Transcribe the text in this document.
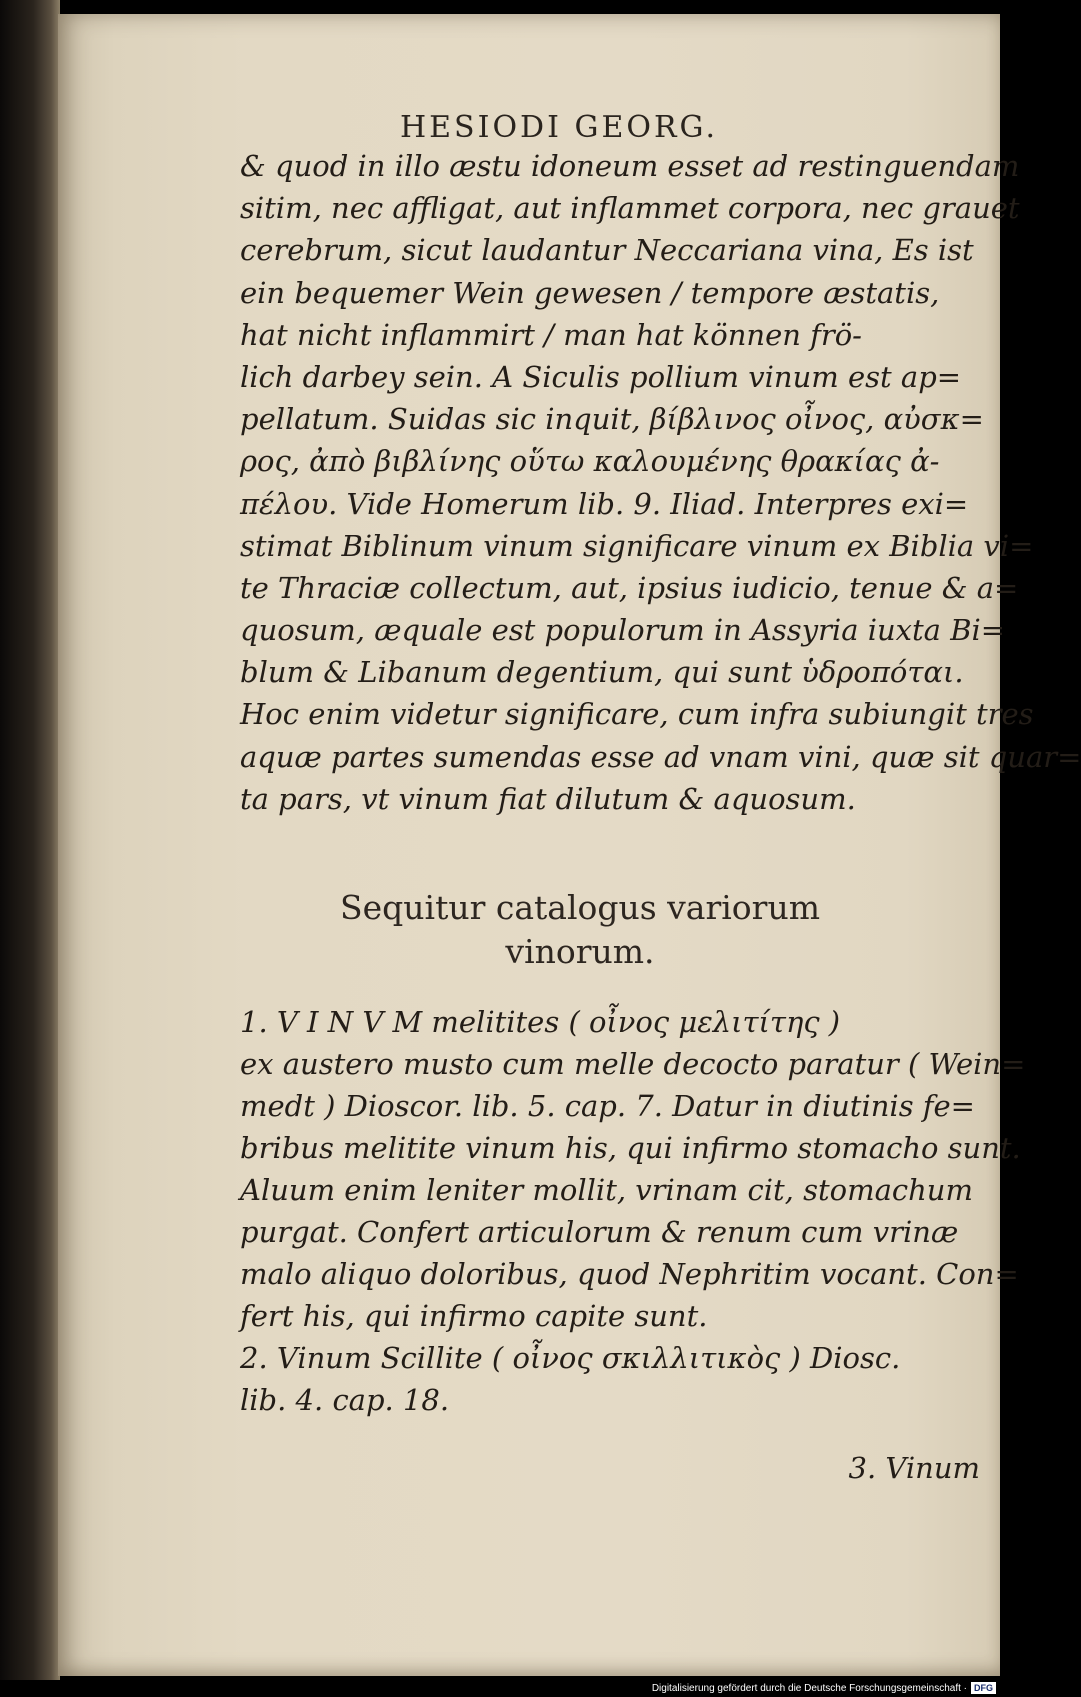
HESIODI GEORG.
& quod in illo æstu idoneum esset ad restinguendam
sitim, nec affligat, aut inflammet corpora, nec grauet
cerebrum, sicut laudantur Neccariana vina, Es ist
ein bequemer Wein gewesen / tempore æstatis,
hat nicht inflammirt / man hat können frö-
lich darbey sein. A Siculis pollium vinum est ap=
pellatum. Suidas sic inquit, βίβλινος οἶνος, αὐσκ=
ρος, ἀπὸ βιβλίνης οὕτω καλουμένης θρακίας ἀ-
πέλου. Vide Homerum lib. 9. Iliad. Interpres exi=
stimat Biblinum vinum significare vinum ex Biblia vi=
te Thraciæ collectum, aut, ipsius iudicio, tenue & a=
quosum, æquale est populorum in Assyria iuxta Bi=
blum & Libanum degentium, qui sunt ὑδροπόται.
Hoc enim videtur significare, cum infra subiungit tres
aquæ partes sumendas esse ad vnam vini, quæ sit quar=
ta pars, vt vinum fiat dilutum & aquosum.
Sequitur catalogus variorum
vinorum.
1. V I N V M melitites ( οἶνος μελιτίτης )
ex austero musto cum melle decocto paratur ( Wein=
medt ) Dioscor. lib. 5. cap. 7. Datur in diutinis fe=
bribus melitite vinum his, qui infirmo stomacho sunt.
Aluum enim leniter mollit, vrinam cit, stomachum
purgat. Confert articulorum & renum cum vrinæ
malo aliquo doloribus, quod Nephritim vocant. Con=
fert his, qui infirmo capite sunt.
2. Vinum Scillite ( οἶνος σκιλλιτικὸς ) Diosc.
lib. 4. cap. 18.
3. Vinum
Digitalisierung gefördert durch die Deutsche Forschungsgemeinschaft · DFG
